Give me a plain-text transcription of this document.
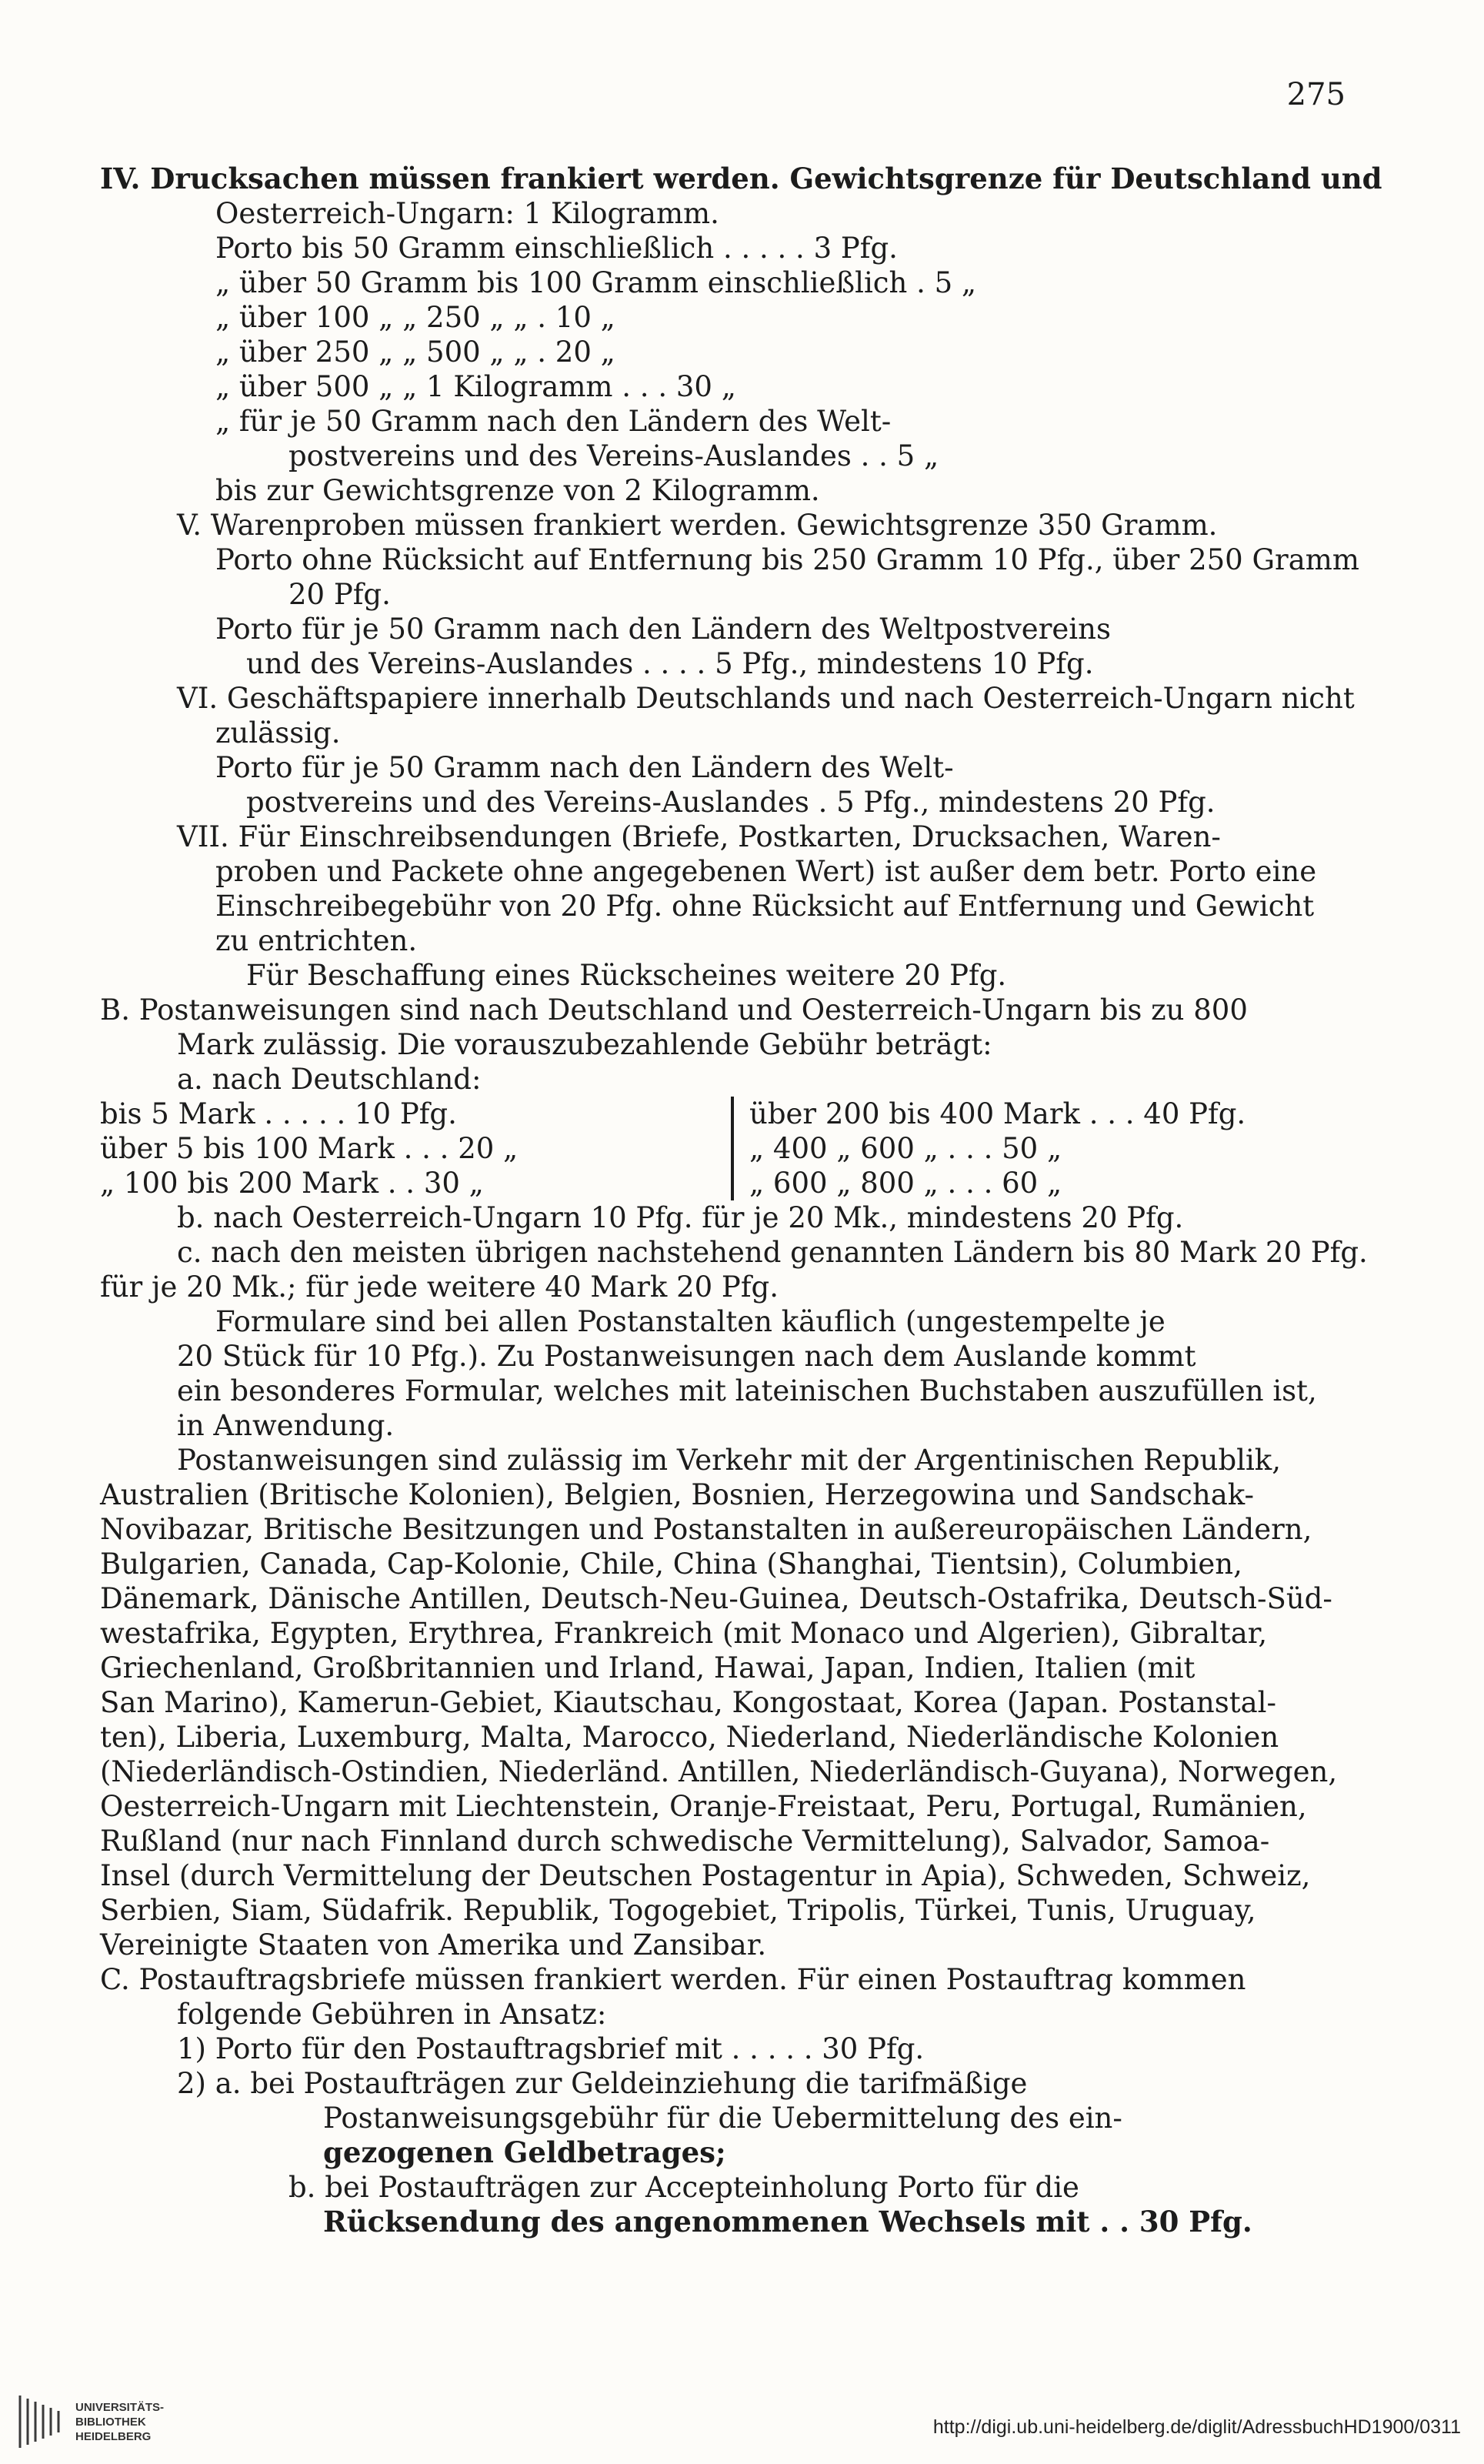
275
IV. Drucksachen müssen frankiert werden. Gewichtsgrenze für Deutschland und
Oesterreich-Ungarn: 1 Kilogramm.
Porto bis 50 Gramm einschließlich . . . . . 3 Pfg.
„ über 50 Gramm bis 100 Gramm einschließlich . 5 „
„ über 100 „ „ 250 „ „ . 10 „
„ über 250 „ „ 500 „ „ . 20 „
„ über 500 „ „ 1 Kilogramm . . . 30 „
„ für je 50 Gramm nach den Ländern des Welt-
postvereins und des Vereins-Auslandes . . 5 „
bis zur Gewichtsgrenze von 2 Kilogramm.
V. Warenproben müssen frankiert werden. Gewichtsgrenze 350 Gramm.
Porto ohne Rücksicht auf Entfernung bis 250 Gramm 10 Pfg., über 250 Gramm
20 Pfg.
Porto für je 50 Gramm nach den Ländern des Weltpostvereins
und des Vereins-Auslandes . . . . 5 Pfg., mindestens 10 Pfg.
VI. Geschäftspapiere innerhalb Deutschlands und nach Oesterreich-Ungarn nicht
zulässig.
Porto für je 50 Gramm nach den Ländern des Welt-
postvereins und des Vereins-Auslandes . 5 Pfg., mindestens 20 Pfg.
VII. Für Einschreibsendungen (Briefe, Postkarten, Drucksachen, Waren-
proben und Packete ohne angegebenen Wert) ist außer dem betr. Porto eine
Einschreibegebühr von 20 Pfg. ohne Rücksicht auf Entfernung und Gewicht
zu entrichten.
Für Beschaffung eines Rückscheines weitere 20 Pfg.
B. Postanweisungen sind nach Deutschland und Oesterreich-Ungarn bis zu 800
Mark zulässig. Die vorauszubezahlende Gebühr beträgt:
a. nach Deutschland:
bis 5 Mark . . . . . 10 Pfg.	über 200 bis 400 Mark . . . 40 Pfg.
über 5 bis 100 Mark . . . 20 „	„ 400 „ 600 „ . . . 50 „
„ 100 bis 200 Mark . . 30 „	„ 600 „ 800 „ . . . 60 „
b. nach Oesterreich-Ungarn 10 Pfg. für je 20 Mk., mindestens 20 Pfg.
c. nach den meisten übrigen nachstehend genannten Ländern bis 80 Mark 20 Pfg.
für je 20 Mk.; für jede weitere 40 Mark 20 Pfg.
Formulare sind bei allen Postanstalten käuflich (ungestempelte je
20 Stück für 10 Pfg.). Zu Postanweisungen nach dem Auslande kommt
ein besonderes Formular, welches mit lateinischen Buchstaben auszufüllen ist,
in Anwendung.
Postanweisungen sind zulässig im Verkehr mit der Argentinischen Republik,
Australien (Britische Kolonien), Belgien, Bosnien, Herzegowina und Sandschak-
Novibazar, Britische Besitzungen und Postanstalten in außereuropäischen Ländern,
Bulgarien, Canada, Cap-Kolonie, Chile, China (Shanghai, Tientsin), Columbien,
Dänemark, Dänische Antillen, Deutsch-Neu-Guinea, Deutsch-Ostafrika, Deutsch-Süd-
westafrika, Egypten, Erythrea, Frankreich (mit Monaco und Algerien), Gibraltar,
Griechenland, Großbritannien und Irland, Hawai, Japan, Indien, Italien (mit
San Marino), Kamerun-Gebiet, Kiautschau, Kongostaat, Korea (Japan. Postanstal-
ten), Liberia, Luxemburg, Malta, Marocco, Niederland, Niederländische Kolonien
(Niederländisch-Ostindien, Niederländ. Antillen, Niederländisch-Guyana), Norwegen,
Oesterreich-Ungarn mit Liechtenstein, Oranje-Freistaat, Peru, Portugal, Rumänien,
Rußland (nur nach Finnland durch schwedische Vermittelung), Salvador, Samoa-
Insel (durch Vermittelung der Deutschen Postagentur in Apia), Schweden, Schweiz,
Serbien, Siam, Südafrik. Republik, Togogebiet, Tripolis, Türkei, Tunis, Uruguay,
Vereinigte Staaten von Amerika und Zansibar.
C. Postauftragsbriefe müssen frankiert werden. Für einen Postauftrag kommen
folgende Gebühren in Ansatz:
1) Porto für den Postauftragsbrief mit . . . . . 30 Pfg.
2) a. bei Postaufträgen zur Geldeinziehung die tarifmäßige
Postanweisungsgebühr für die Uebermittelung des ein-
gezogenen Geldbetrages;
b. bei Postaufträgen zur Accepteinholung Porto für die
Rücksendung des angenommenen Wechsels mit . . 30 Pfg.
UNIVERSITÄTS-
BIBLIOTHEK
HEIDELBERG	http://digi.ub.uni-heidelberg.de/diglit/AdressbuchHD1900/0311
